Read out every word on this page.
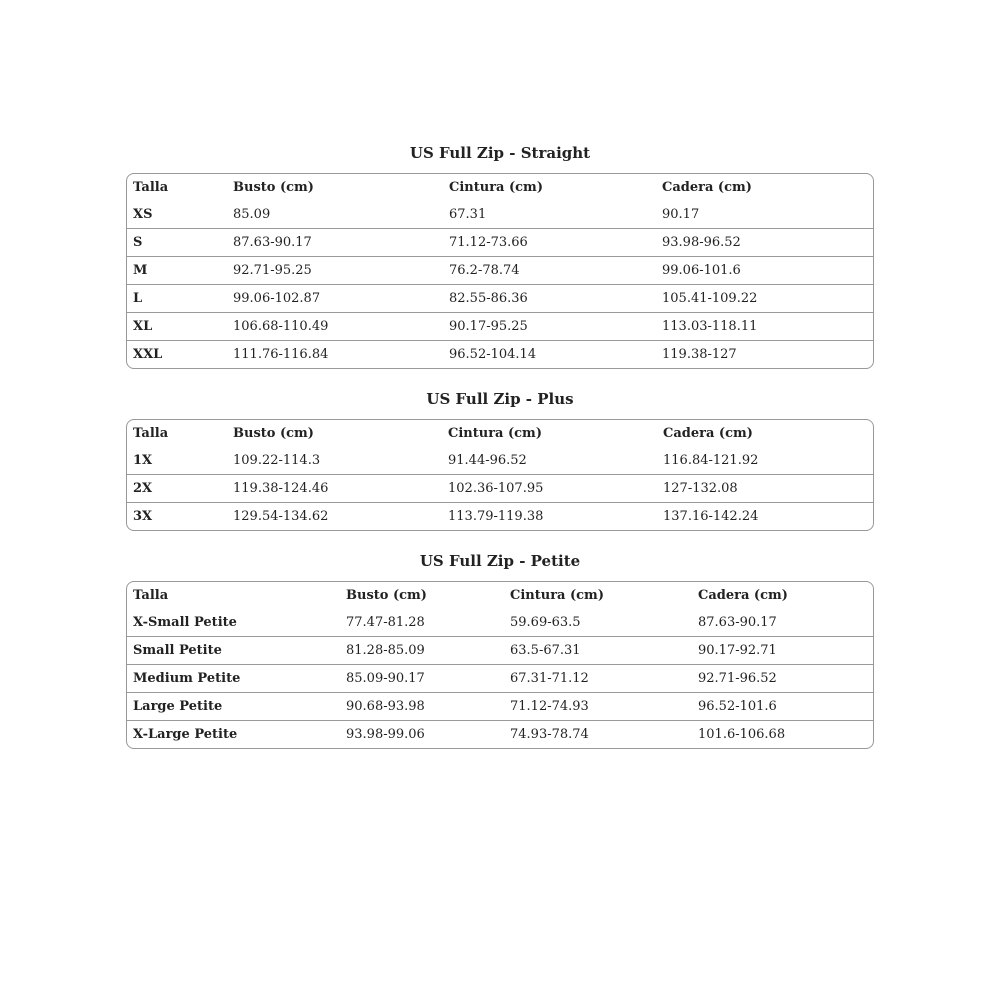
US Full Zip - Straight
Talla	Busto (cm)	Cintura (cm)	Cadera (cm)
XS	85.09	67.31	90.17
S	87.63-90.17	71.12-73.66	93.98-96.52
M	92.71-95.25	76.2-78.74	99.06-101.6
L	99.06-102.87	82.55-86.36	105.41-109.22
XL	106.68-110.49	90.17-95.25	113.03-118.11
XXL	111.76-116.84	96.52-104.14	119.38-127
US Full Zip - Plus
Talla	Busto (cm)	Cintura (cm)	Cadera (cm)
1X	109.22-114.3	91.44-96.52	116.84-121.92
2X	119.38-124.46	102.36-107.95	127-132.08
3X	129.54-134.62	113.79-119.38	137.16-142.24
US Full Zip - Petite
Talla	Busto (cm)	Cintura (cm)	Cadera (cm)
X-Small Petite	77.47-81.28	59.69-63.5	87.63-90.17
Small Petite	81.28-85.09	63.5-67.31	90.17-92.71
Medium Petite	85.09-90.17	67.31-71.12	92.71-96.52
Large Petite	90.68-93.98	71.12-74.93	96.52-101.6
X-Large Petite	93.98-99.06	74.93-78.74	101.6-106.68
